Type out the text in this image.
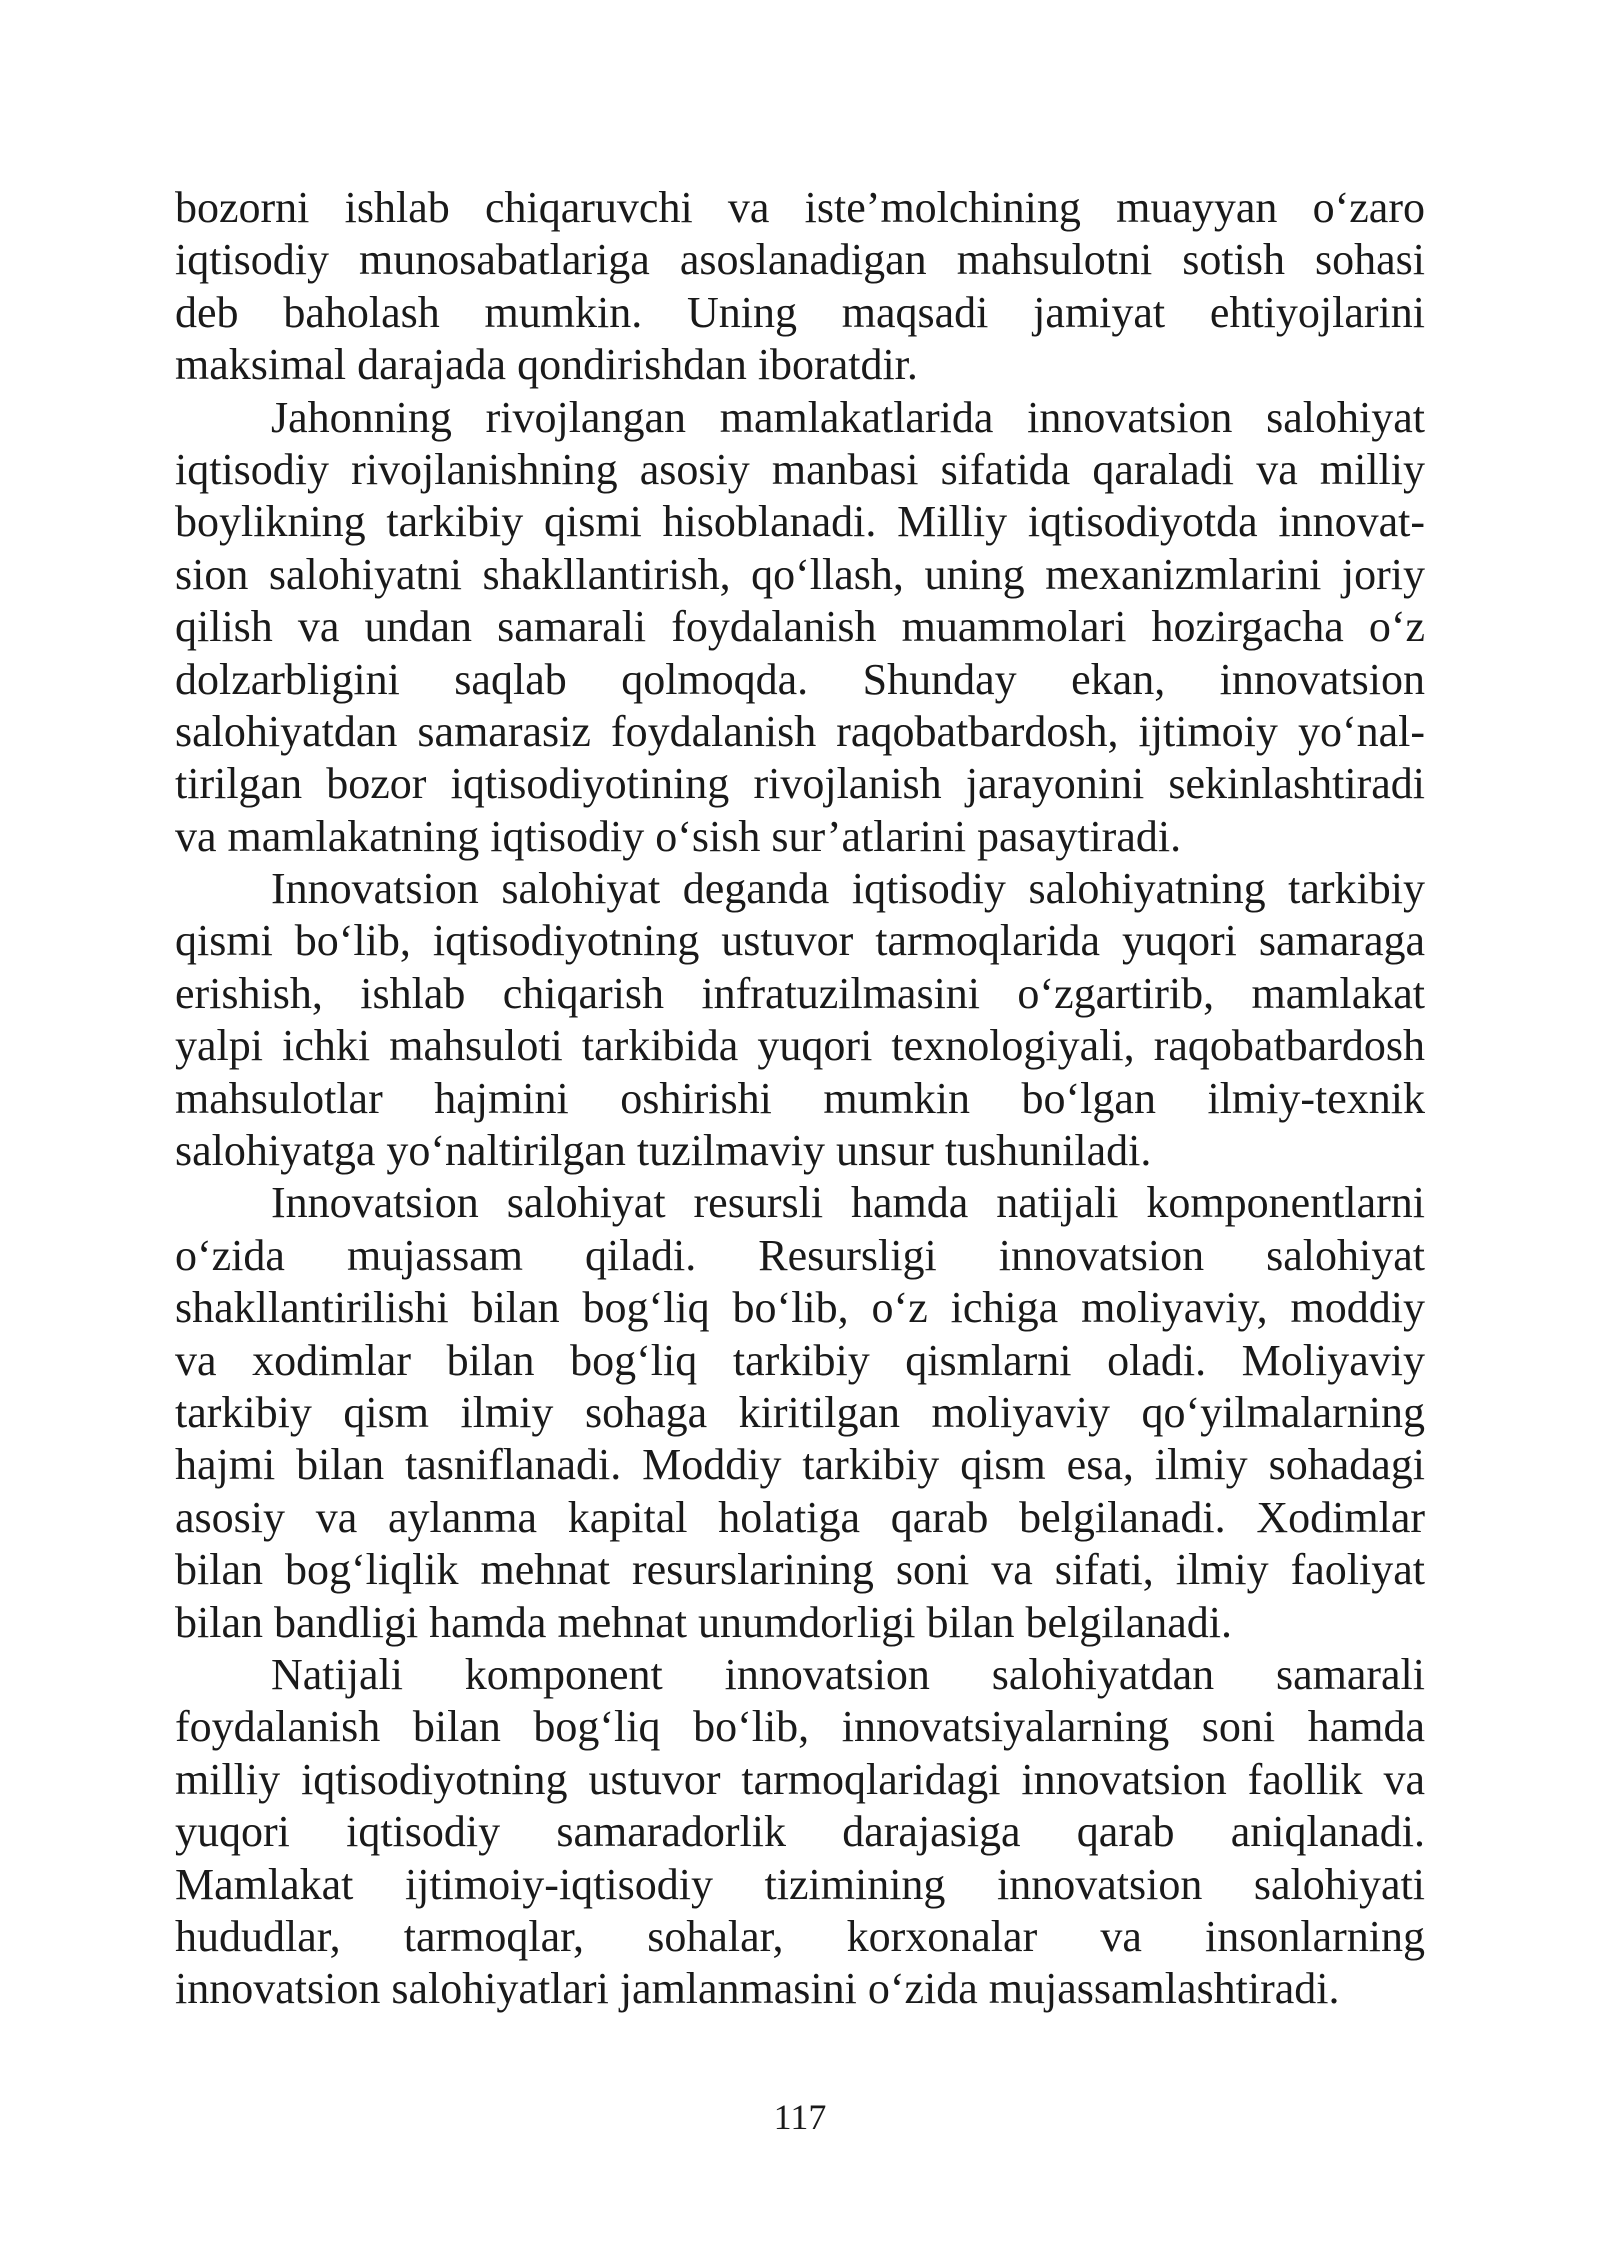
bozorni ishlab chiqaruvchi va iste’molchining muayyan o‘zaro
iqtisodiy munosabatlariga asoslanadigan mahsulotni sotish sohasi
deb baholash mumkin. Uning maqsadi jamiyat ehtiyojlarini
maksimal darajada qondirishdan iboratdir.
Jahonning rivojlangan mamlakatlarida innovatsion salohiyat
iqtisodiy rivojlanishning asosiy manbasi sifatida qaraladi va milliy
boylikning tarkibiy qismi hisoblanadi. Milliy iqtisodiyotda innovat-
sion salohiyatni shakllantirish, qo‘llash, uning mexanizmlarini joriy
qilish va undan samarali foydalanish muammolari hozirgacha o‘z
dolzarbligini saqlab qolmoqda. Shunday ekan, innovatsion
salohiyatdan samarasiz foydalanish raqobatbardosh, ijtimoiy yo‘nal-
tirilgan bozor iqtisodiyotining rivojlanish jarayonini sekinlashtiradi
va mamlakatning iqtisodiy o‘sish sur’atlarini pasaytiradi.
Innovatsion salohiyat deganda iqtisodiy salohiyatning tarkibiy
qismi bo‘lib, iqtisodiyotning ustuvor tarmoqlarida yuqori samaraga
erishish, ishlab chiqarish infratuzilmasini o‘zgartirib, mamlakat
yalpi ichki mahsuloti tarkibida yuqori texnologiyali, raqobatbardosh
mahsulotlar hajmini oshirishi mumkin bo‘lgan ilmiy-texnik
salohiyatga yo‘naltirilgan tuzilmaviy unsur tushuniladi.
Innovatsion salohiyat resursli hamda natijali komponentlarni
o‘zida mujassam qiladi. Resursligi innovatsion salohiyat
shakllantirilishi bilan bog‘liq bo‘lib, o‘z ichiga moliyaviy, moddiy
va xodimlar bilan bog‘liq tarkibiy qismlarni oladi. Moliyaviy
tarkibiy qism ilmiy sohaga kiritilgan moliyaviy qo‘yilmalarning
hajmi bilan tasniflanadi. Moddiy tarkibiy qism esa, ilmiy sohadagi
asosiy va aylanma kapital holatiga qarab belgilanadi. Xodimlar
bilan bog‘liqlik mehnat resurslarining soni va sifati, ilmiy faoliyat
bilan bandligi hamda mehnat unumdorligi bilan belgilanadi.
Natijali komponent innovatsion salohiyatdan samarali
foydalanish bilan bog‘liq bo‘lib, innovatsiyalarning soni hamda
milliy iqtisodiyotning ustuvor tarmoqlaridagi innovatsion faollik va
yuqori iqtisodiy samaradorlik darajasiga qarab aniqlanadi.
Mamlakat ijtimoiy-iqtisodiy tizimining innovatsion salohiyati
hududlar, tarmoqlar, sohalar, korxonalar va insonlarning
innovatsion salohiyatlari jamlanmasini o‘zida mujassamlashtiradi.
117
